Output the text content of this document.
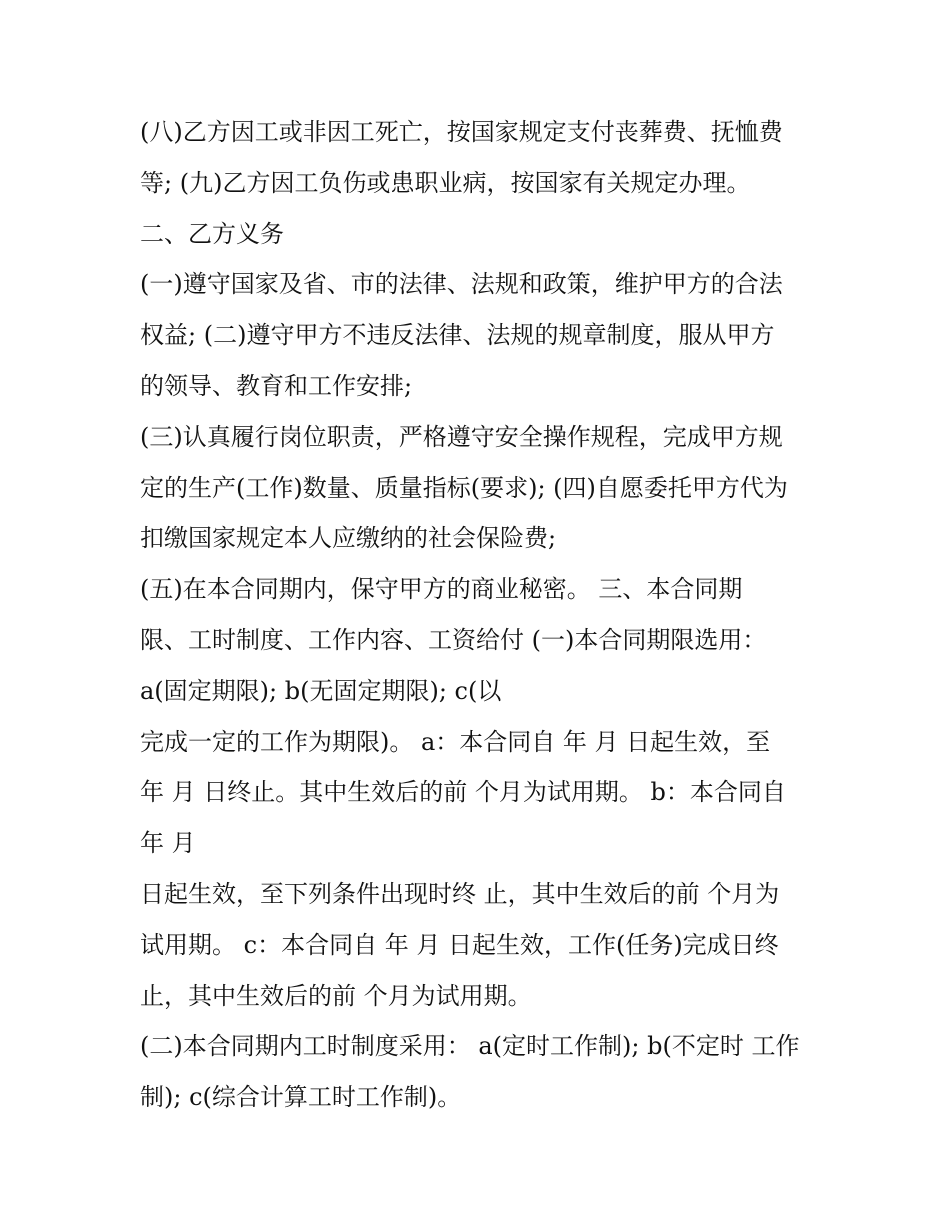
(八)乙方因工或非因工死亡，按国家规定支付丧葬费、抚恤费
等; (九)乙方因工负伤或患职业病，按国家有关规定办理。
二、乙方义务
(一)遵守国家及省、市的法律、法规和政策，维护甲方的合法
权益; (二)遵守甲方不违反法律、法规的规章制度，服从甲方
的领导、教育和工作安排;
(三)认真履行岗位职责，严格遵守安全操作规程，完成甲方规
定的生产(工作)数量、质量指标(要求); (四)自愿委托甲方代为
扣缴国家规定本人应缴纳的社会保险费;
(五)在本合同期内，保守甲方的商业秘密。 三、本合同期
限、工时制度、工作内容、工资给付 (一)本合同期限选用：
a(固定期限); b(无固定期限); c(以
完成一定的工作为期限)。 a：本合同自 年 月 日起生效，至
年 月 日终止。其中生效后的前 个月为试用期。 b：本合同自
年 月
日起生效，至下列条件出现时终 止，其中生效后的前 个月为
试用期。 c：本合同自 年 月 日起生效，工作(任务)完成日终
止，其中生效后的前 个月为试用期。
(二)本合同期内工时制度采用： a(定时工作制); b(不定时 工作
制); c(综合计算工时工作制)。
